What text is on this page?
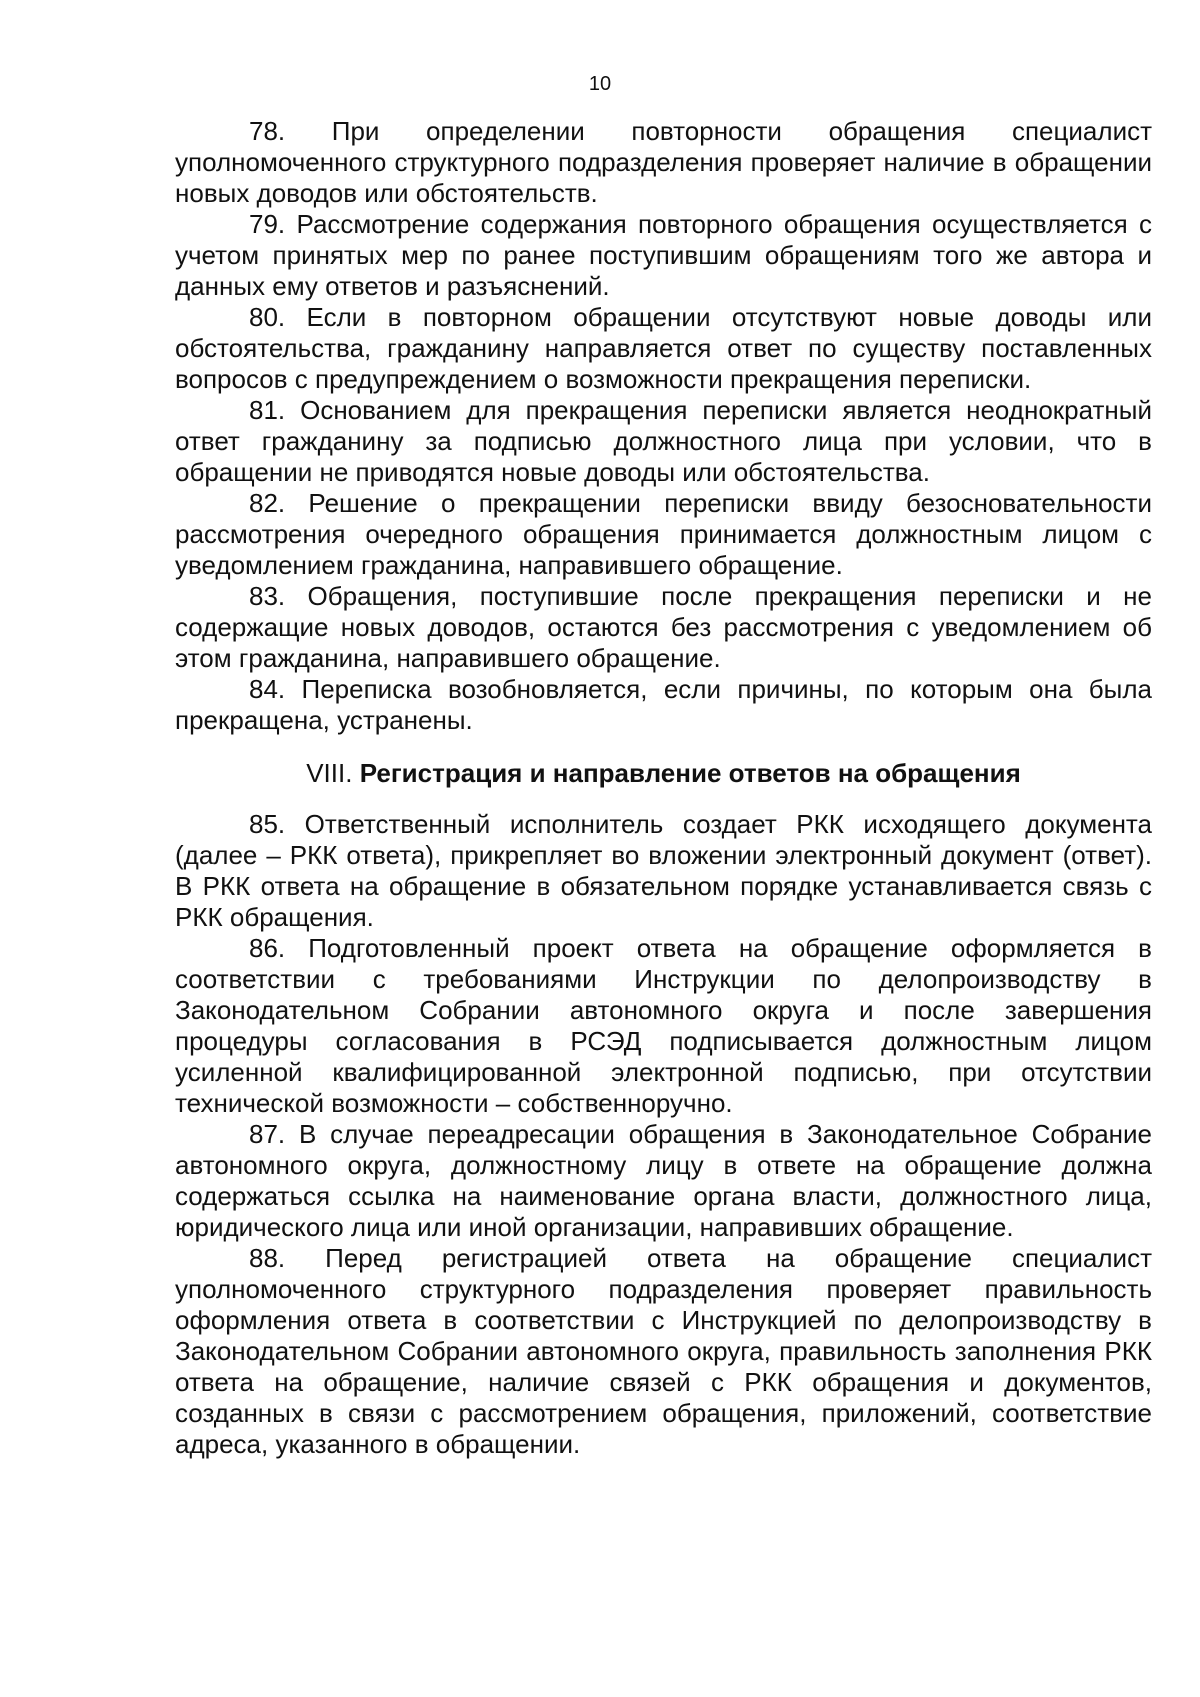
10

78. При определении повторности обращения специалист уполномоченного структурного подразделения проверяет наличие в обращении новых доводов или обстоятельств.

79. Рассмотрение содержания повторного обращения осуществляется с учетом принятых мер по ранее поступившим обращениям того же автора и данных ему ответов и разъяснений.

80. Если в повторном обращении отсутствуют новые доводы или обстоятельства, гражданину направляется ответ по существу поставленных вопросов с предупреждением о возможности прекращения переписки.

81. Основанием для прекращения переписки является неоднократный ответ гражданину за подписью должностного лица при условии, что в обращении не приводятся новые доводы или обстоятельства.

82. Решение о прекращении переписки ввиду безосновательности рассмотрения очередного обращения принимается должностным лицом с уведомлением гражданина, направившего обращение.

83. Обращения, поступившие после прекращения переписки и не содержащие новых доводов, остаются без рассмотрения с уведомлением об этом гражданина, направившего обращение.

84. Переписка возобновляется, если причины, по которым она была прекращена, устранены.

VIII. Регистрация и направление ответов на обращения

85. Ответственный исполнитель создает РКК исходящего документа (далее – РКК ответа), прикрепляет во вложении электронный документ (ответ). В РКК ответа на обращение в обязательном порядке устанавливается связь с РКК обращения.

86. Подготовленный проект ответа на обращение оформляется в соответствии с требованиями Инструкции по делопроизводству в Законодательном Собрании автономного округа и после завершения процедуры согласования в РСЭД подписывается должностным лицом усиленной квалифицированной электронной подписью, при отсутствии технической возможности – собственноручно.

87. В случае переадресации обращения в Законодательное Собрание автономного округа, должностному лицу в ответе на обращение должна содержаться ссылка на наименование органа власти, должностного лица, юридического лица или иной организации, направивших обращение.

88. Перед регистрацией ответа на обращение специалист уполномоченного структурного подразделения проверяет правильность оформления ответа в соответствии с Инструкцией по делопроизводству в Законодательном Собрании автономного округа, правильность заполнения РКК ответа на обращение, наличие связей с РКК обращения и документов, созданных в связи с рассмотрением обращения, приложений, соответствие адреса, указанного в обращении.
